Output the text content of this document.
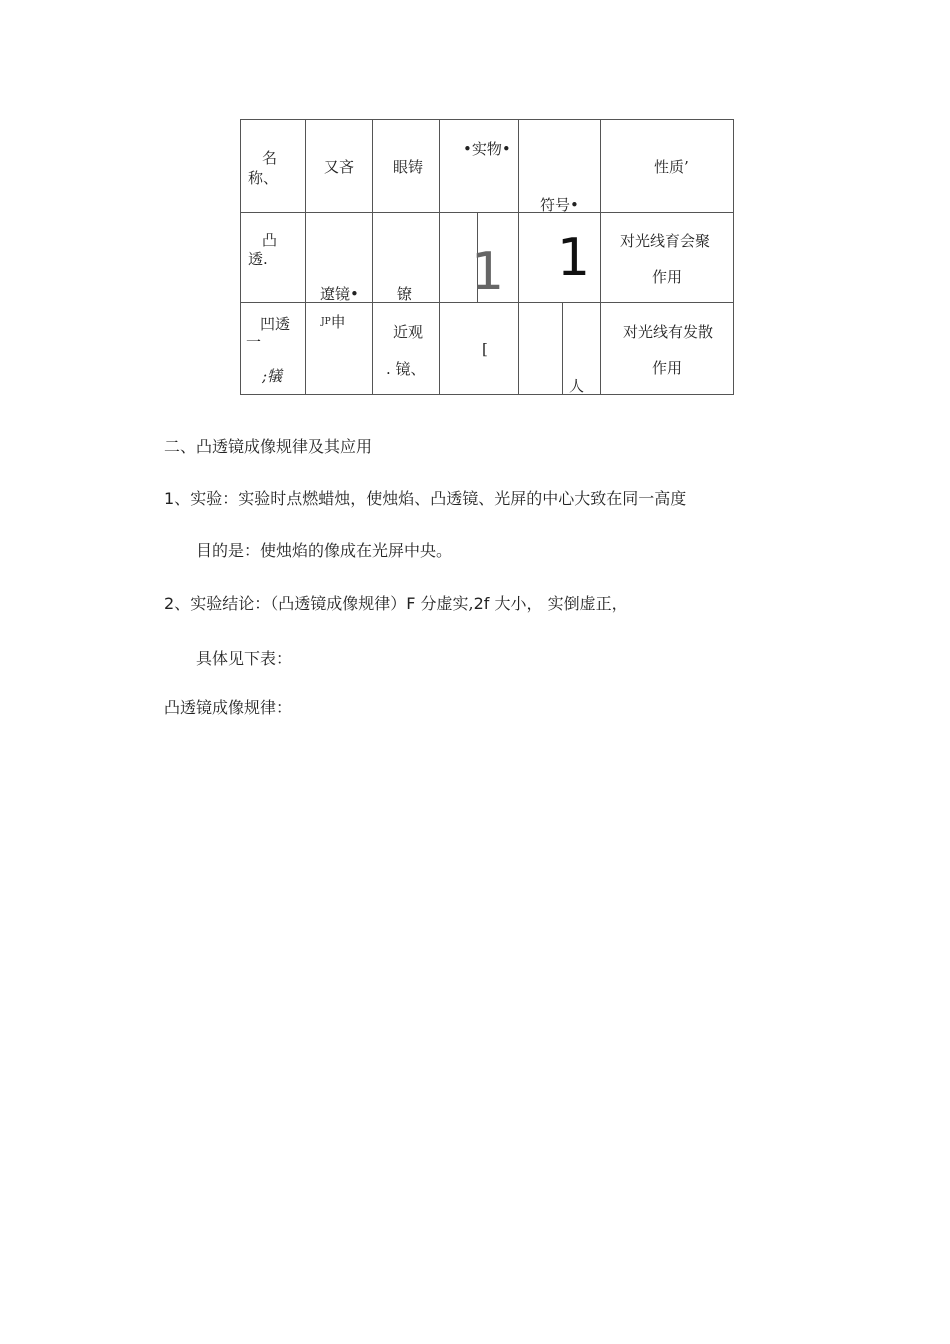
名
称、
又吝	眼铸
•实物•
符号•
性质’
凸
透.
遼镜•	镣 1 1 对光线育会聚
作用
凹透
一
;犠
$^{JP}$申
近观
. 镜、
[
人
对光线有发散
作用
二、凸透镜成像规律及其应用
1、实验：实验时点燃蜡烛，使烛焰、凸透镜、光屏的中心大致在同一高度
目的是：使烛焰的像成在光屏中央。
2、实验结论：（凸透镜成像规律）F 分虚实,2f 大小， 实倒虚正，
具体见下表：
凸透镜成像规律：
